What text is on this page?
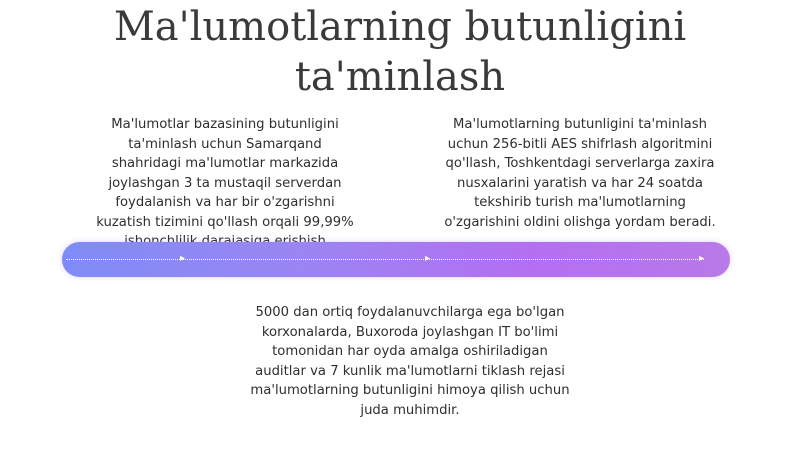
Ma'lumotlarning butunligini
ta'minlash
Ma'lumotlar bazasining butunligini
ta'minlash uchun Samarqand
shahridagi ma'lumotlar markazida
joylashgan 3 ta mustaqil serverdan
foydalanish va har bir o'zgarishni
kuzatish tizimini qo'llash orqali 99,99%
Ma'lumotlarning butunligini ta'minlash
uchun 256-bitli AES shifrlash algoritmini
qo'llash, Toshkentdagi serverlarga zaxira
nusxalarini yaratish va har 24 soatda
tekshirib turish ma'lumotlarning
o'zgarishini oldini olishga yordam beradi.
▸	▸	▸
5000 dan ortiq foydalanuvchilarga ega bo'lgan
korxonalarda, Buxoroda joylashgan IT bo'limi
tomonidan har oyda amalga oshiriladigan
auditlar va 7 kunlik ma'lumotlarni tiklash rejasi
ma'lumotlarning butunligini himoya qilish uchun
juda muhimdir.
